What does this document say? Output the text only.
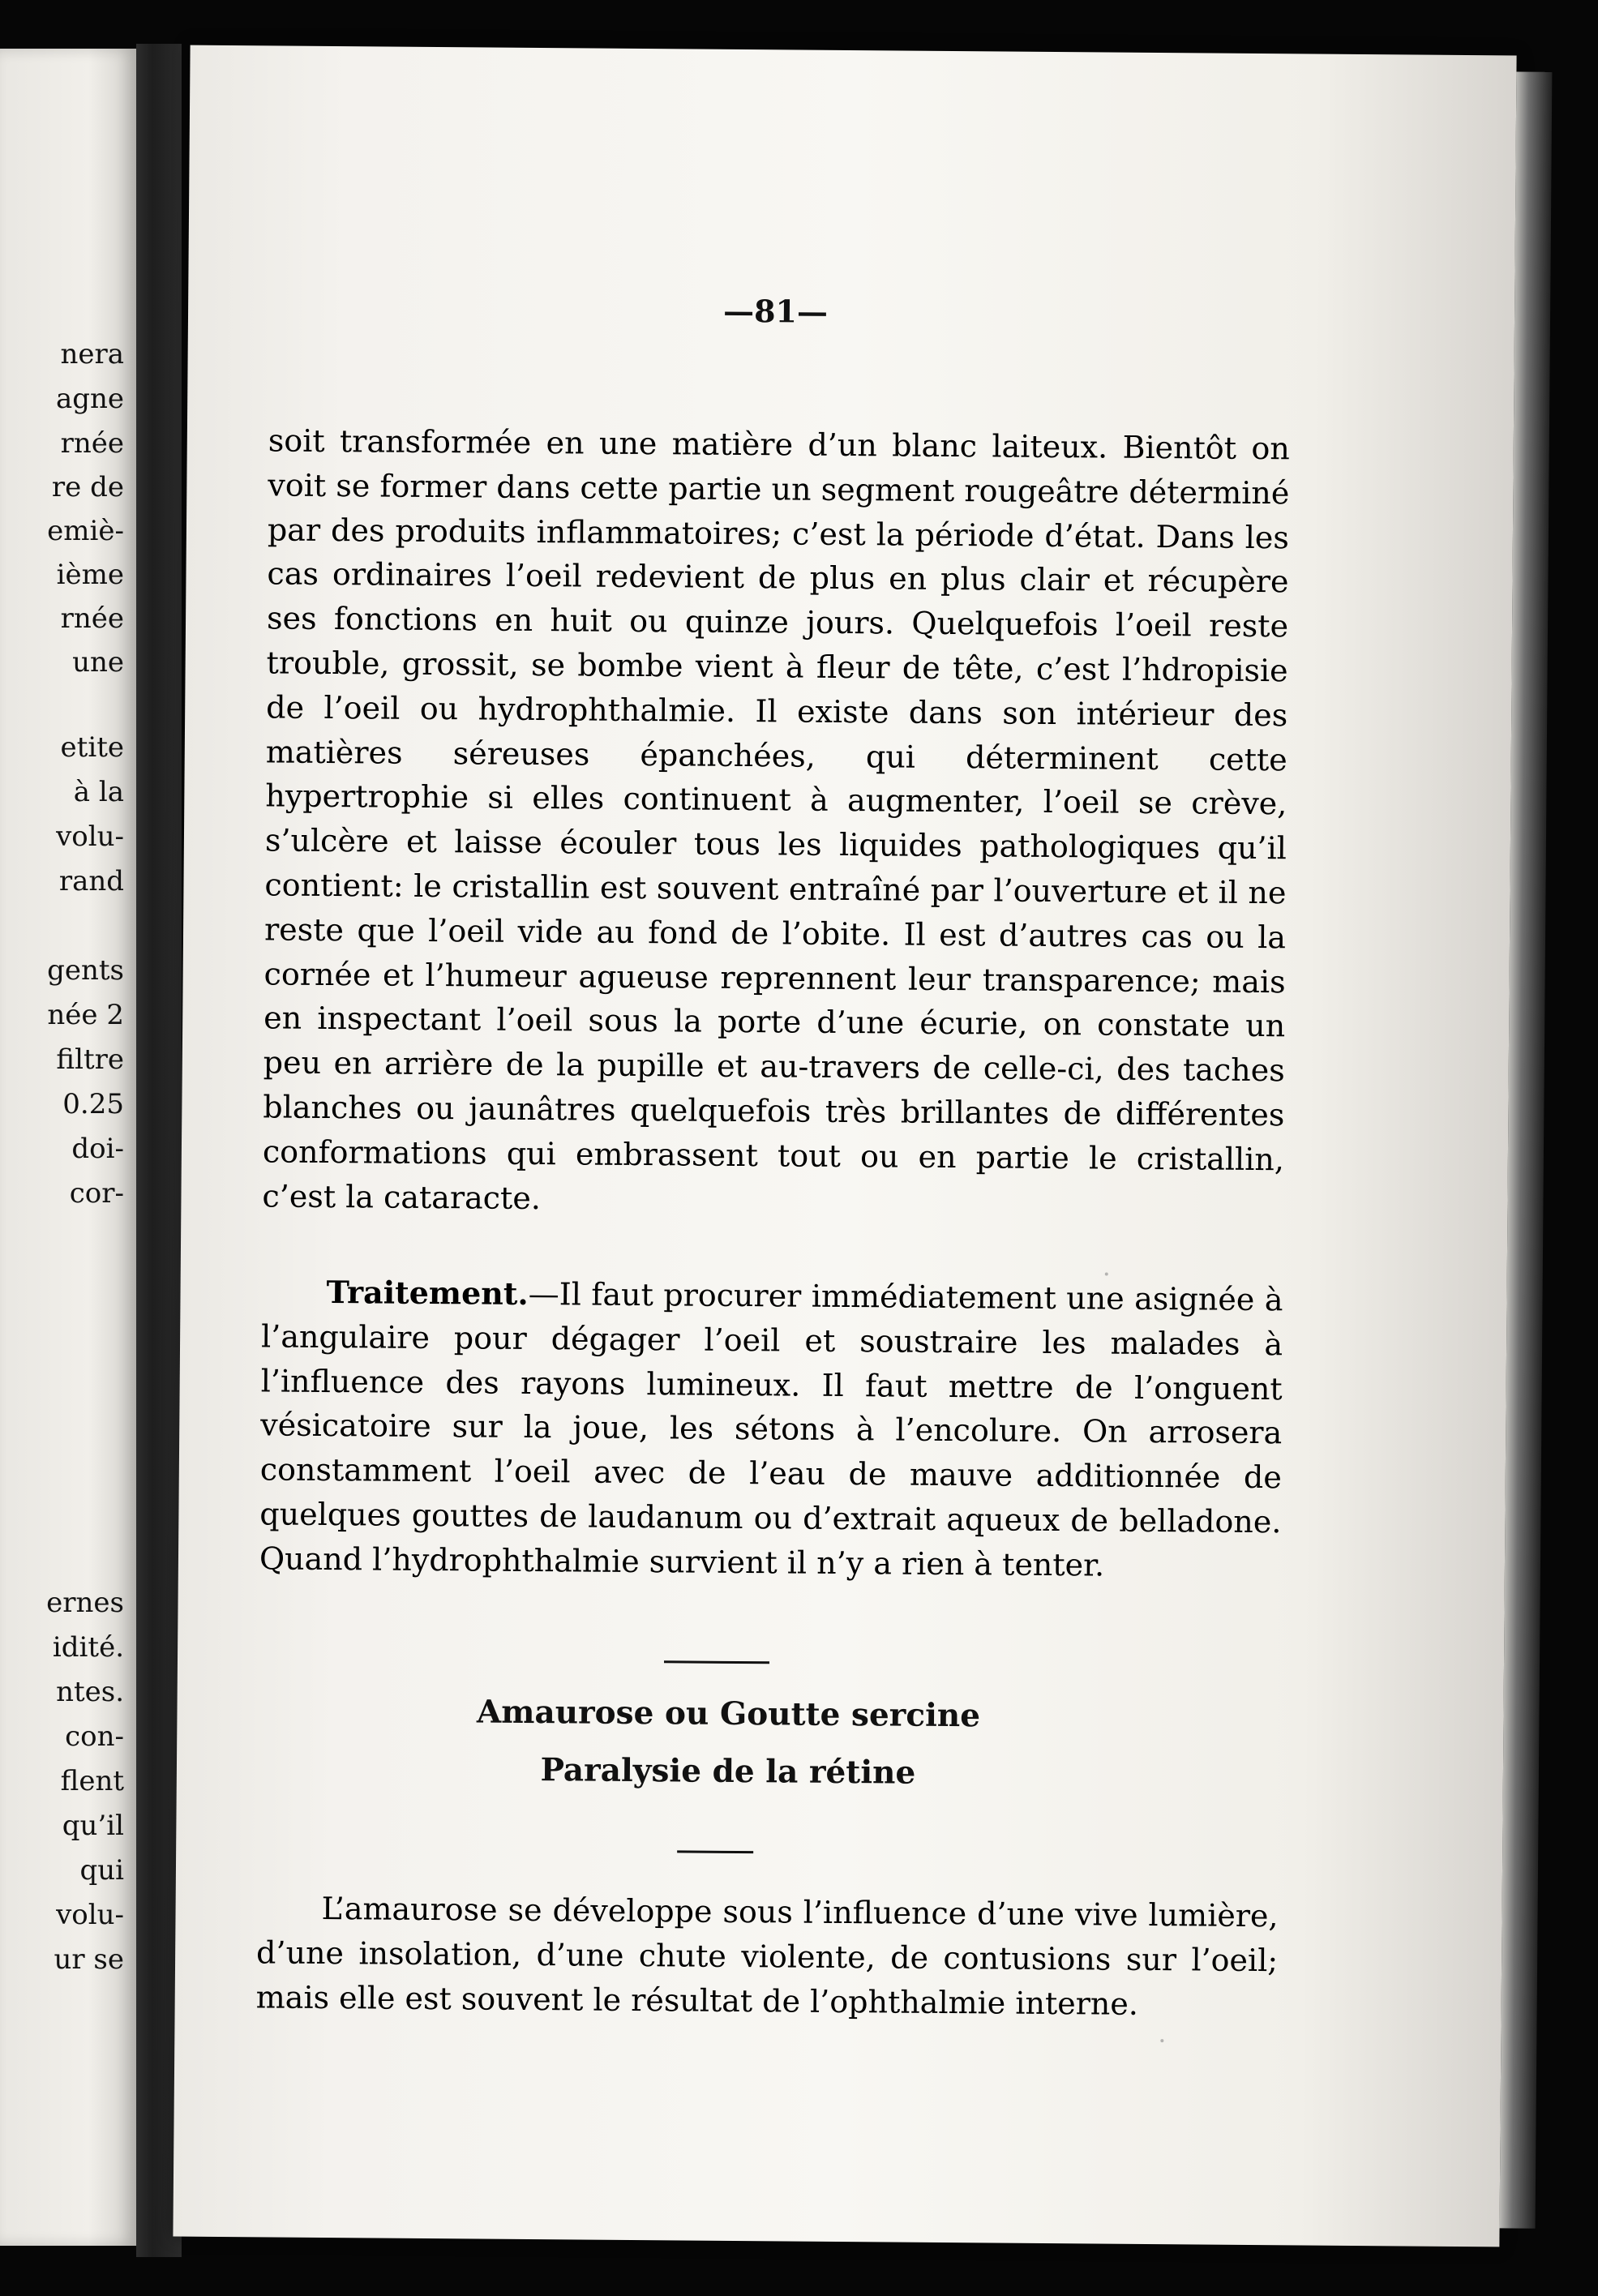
nera
agne
rnée
re de
emiè-
ième
rnée
une
etite
à la
volu-
rand
gents
née 2
filtre
0.25
doi-
cor-
ernes
idité.
ntes.
con-
flent
qu’il
qui
volu-
ur se
—81—

soit transformée en une matière d’un blanc laiteux. Bientôt on voit se former dans cette partie un segment rougeâtre déterminé par des produits inflammatoires; c’est la période d’état. Dans les cas ordinaires l’oeil redevient de plus en plus clair et récupère ses fonctions en huit ou quinze jours. Quelquefois l’oeil reste trouble, grossit, se bombe vient à fleur de tête, c’est l’hdropisie de l’oeil ou hydrophthalmie. Il existe dans son intérieur des matières séreuses épanchées, qui déterminent cette hypertrophie si elles continuent à augmenter, l’oeil se crève, s’ulcère et laisse écouler tous les liquides pathologiques qu’il contient: le cristallin est souvent entraîné par l’ouverture et il ne reste que l’oeil vide au fond de l’obite. Il est d’autres cas ou la cornée et l’humeur agueuse reprennent leur transparence; mais en inspectant l’oeil sous la porte d’une écurie, on constate un peu en arrière de la pupille et au-travers de celle-ci, des taches blanches ou jaunâtres quelquefois très brillantes de différentes conformations qui embrassent tout ou en partie le cristallin, c’est la cataracte.

Traitement.—Il faut procurer immédiatement une asignée à l’angulaire pour dégager l’oeil et soustraire les malades à l’influence des rayons lumineux. Il faut mettre de l’onguent vésicatoire sur la joue, les sétons à l’encolure. On arrosera constamment l’oeil avec de l’eau de mauve additionnée de quelques gouttes de laudanum ou d’extrait aqueux de belladone. Quand l’hydrophthalmie survient il n’y a rien à tenter.

Amaurose ou Goutte sercine
Paralysie de la rétine

L’amaurose se développe sous l’influence d’une vive lumière, d’une insolation, d’une chute violente, de contusions sur l’oeil; mais elle est souvent le résultat de l’ophthalmie interne.
